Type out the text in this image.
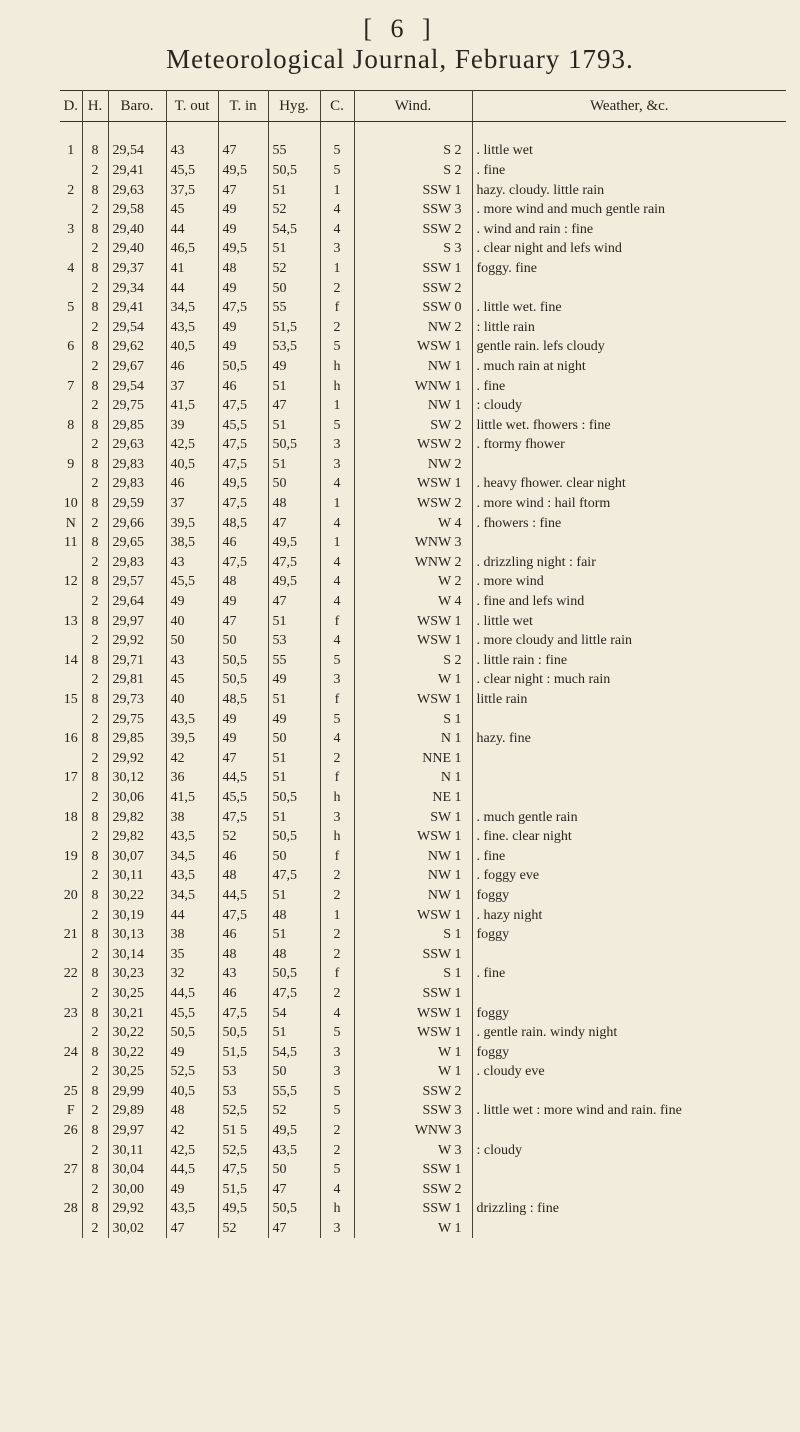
[ 6 ]
Meteorological Journal, February 1793.
D.	H.	Baro.	T. out	T. in	Hyg.	C.	Wind.	Weather, &c.

1	8	29,54	43	47	55	5	S 2	. little wet
	2	29,41	45,5	49,5	50,5	5	S 2	. fine
2	8	29,63	37,5	47	51	1	SSW 1	hazy. cloudy. little rain
	2	29,58	45	49	52	4	SSW 3	. more wind and much gentle rain
3	8	29,40	44	49	54,5	4	SSW 2	. wind and rain : fine
	2	29,40	46,5	49,5	51	3	S 3	. clear night and lefs wind
4	8	29,37	41	48	52	1	SSW 1	foggy. fine
	2	29,34	44	49	50	2	SSW 2	
5	8	29,41	34,5	47,5	55	f	SSW 0	. little wet. fine
	2	29,54	43,5	49	51,5	2	NW 2	: little rain
6	8	29,62	40,5	49	53,5	5	WSW 1	gentle rain. lefs cloudy
	2	29,67	46	50,5	49	h	NW 1	. much rain at night
7	8	29,54	37	46	51	h	WNW 1	. fine
	2	29,75	41,5	47,5	47	1	NW 1	: cloudy
8	8	29,85	39	45,5	51	5	SW 2	little wet. fhowers : fine
	2	29,63	42,5	47,5	50,5	3	WSW 2	. ftormy fhower
9	8	29,83	40,5	47,5	51	3	NW 2	
	2	29,83	46	49,5	50	4	WSW 1	. heavy fhower. clear night
10	8	29,59	37	47,5	48	1	WSW 2	. more wind : hail ftorm
N	2	29,66	39,5	48,5	47	4	W 4	. fhowers : fine
11	8	29,65	38,5	46	49,5	1	WNW 3	
	2	29,83	43	47,5	47,5	4	WNW 2	. drizzling night : fair
12	8	29,57	45,5	48	49,5	4	W 2	. more wind
	2	29,64	49	49	47	4	W 4	. fine and lefs wind
13	8	29,97	40	47	51	f	WSW 1	. little wet
	2	29,92	50	50	53	4	WSW 1	. more cloudy and little rain
14	8	29,71	43	50,5	55	5	S 2	. little rain : fine
	2	29,81	45	50,5	49	3	W 1	. clear night : much rain
15	8	29,73	40	48,5	51	f	WSW 1	little rain
	2	29,75	43,5	49	49	5	S 1	
16	8	29,85	39,5	49	50	4	N 1	hazy. fine
	2	29,92	42	47	51	2	NNE 1	
17	8	30,12	36	44,5	51	f	N 1	
	2	30,06	41,5	45,5	50,5	h	NE 1	
18	8	29,82	38	47,5	51	3	SW 1	. much gentle rain
	2	29,82	43,5	52	50,5	h	WSW 1	. fine. clear night
19	8	30,07	34,5	46	50	f	NW 1	. fine
	2	30,11	43,5	48	47,5	2	NW 1	. foggy eve
20	8	30,22	34,5	44,5	51	2	NW 1	foggy
	2	30,19	44	47,5	48	1	WSW 1	. hazy night
21	8	30,13	38	46	51	2	S 1	foggy
	2	30,14	35	48	48	2	SSW 1	
22	8	30,23	32	43	50,5	f	S 1	. fine
	2	30,25	44,5	46	47,5	2	SSW 1	
23	8	30,21	45,5	47,5	54	4	WSW 1	foggy
	2	30,22	50,5	50,5	51	5	WSW 1	. gentle rain. windy night
24	8	30,22	49	51,5	54,5	3	W 1	foggy
	2	30,25	52,5	53	50	3	W 1	. cloudy eve
25	8	29,99	40,5	53	55,5	5	SSW 2	
F	2	29,89	48	52,5	52	5	SSW 3	. little wet : more wind and rain. fine
26	8	29,97	42	51 5	49,5	2	WNW 3	
	2	30,11	42,5	52,5	43,5	2	W 3	: cloudy
27	8	30,04	44,5	47,5	50	5	SSW 1	
	2	30,00	49	51,5	47	4	SSW 2	
28	8	29,92	43,5	49,5	50,5	h	SSW 1	drizzling : fine
	2	30,02	47	52	47	3	W 1	
